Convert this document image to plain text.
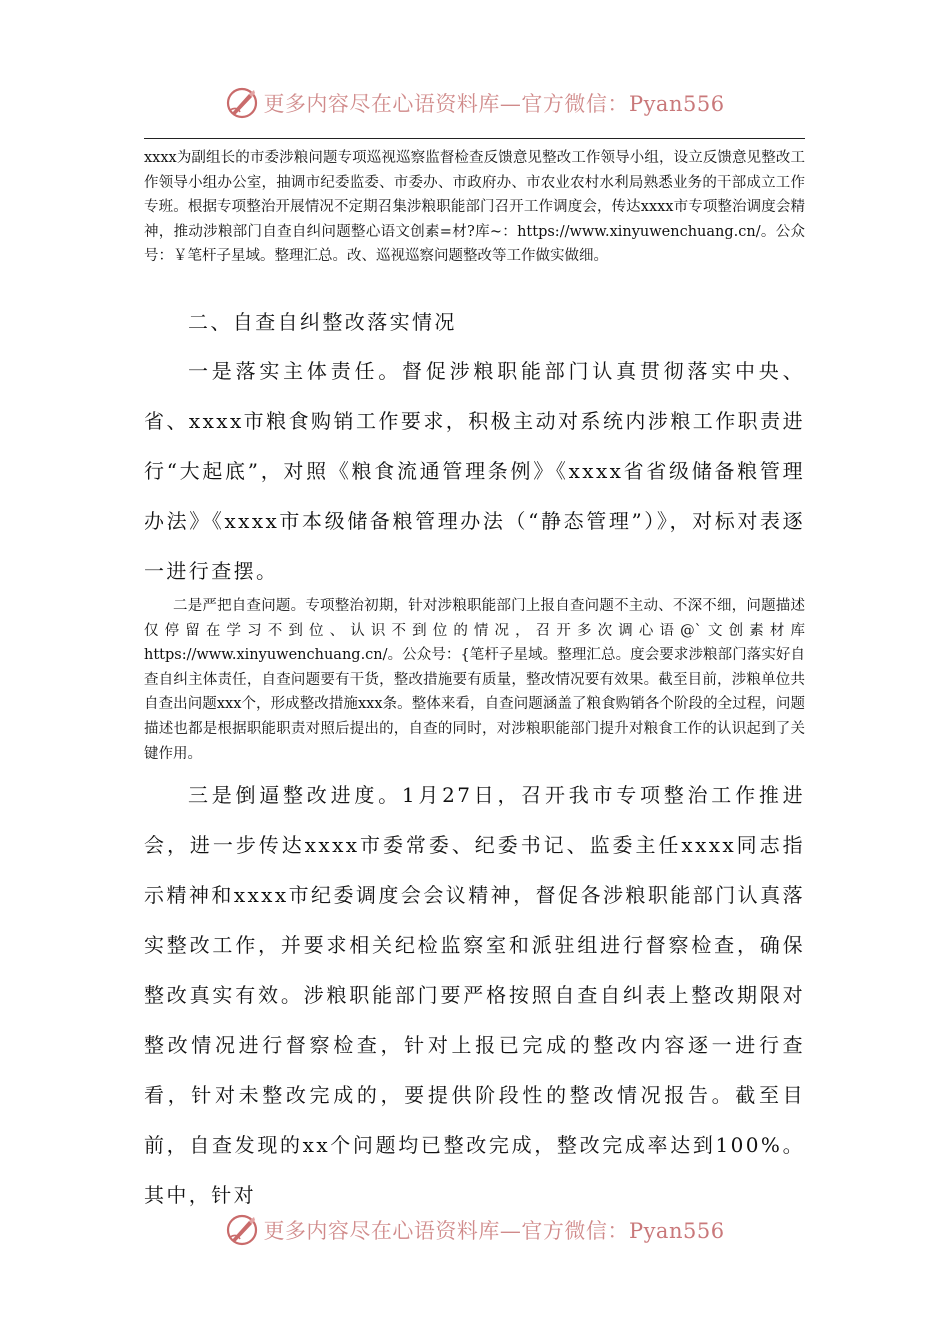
更多内容尽在心语资料库—官方微信：Pyan556

xxxx为副组长的市委涉粮问题专项巡视巡察监督检查反馈意见整改工作领导小组，设立反馈意见整改工作领导小组办公室，抽调市纪委监委、市委办、市政府办、市农业农村水利局熟悉业务的干部成立工作专班。根据专项整治开展情况不定期召集涉粮职能部门召开工作调度会，传达xxxx市专项整治调度会精神，推动涉粮部门自查自纠问题整心语文创素=材?库~：https://www.xinyuwenchuang.cn/。公众号：￥笔杆子星域。整理汇总。改、巡视巡察问题整改等工作做实做细。

二、自查自纠整改落实情况

一是落实主体责任。督促涉粮职能部门认真贯彻落实中央、省、xxxx市粮食购销工作要求，积极主动对系统内涉粮工作职责进行“大起底”，对照《粮食流通管理条例》《xxxx省省级储备粮管理办法》《xxxx市本级储备粮管理办法（“静态管理”）》，对标对表逐一进行查摆。

二是严把自查问题。专项整治初期，针对涉粮职能部门上报自查问题不主动、不深不细，问题描述仅停留在学习不到位、认识不到位的情况，召开多次调心语@`文创素材库https://www.xinyuwenchuang.cn/。公众号：{笔杆子星域。整理汇总。度会要求涉粮部门落实好自查自纠主体责任，自查问题要有干货，整改措施要有质量，整改情况要有效果。截至目前，涉粮单位共自查出问题xxx个，形成整改措施xxx条。整体来看，自查问题涵盖了粮食购销各个阶段的全过程，问题描述也都是根据职能职责对照后提出的，自查的同时，对涉粮职能部门提升对粮食工作的认识起到了关键作用。

三是倒逼整改进度。1月27日，召开我市专项整治工作推进会，进一步传达xxxx市委常委、纪委书记、监委主任xxxx同志指示精神和xxxx市纪委调度会会议精神，督促各涉粮职能部门认真落实整改工作，并要求相关纪检监察室和派驻组进行督察检查，确保整改真实有效。涉粮职能部门要严格按照自查自纠表上整改期限对整改情况进行督察检查，针对上报已完成的整改内容逐一进行查看，针对未整改完成的，要提供阶段性的整改情况报告。截至目前，自查发现的xx个问题均已整改完成，整改完成率达到100%。其中，针对

更多内容尽在心语资料库—官方微信：Pyan556
